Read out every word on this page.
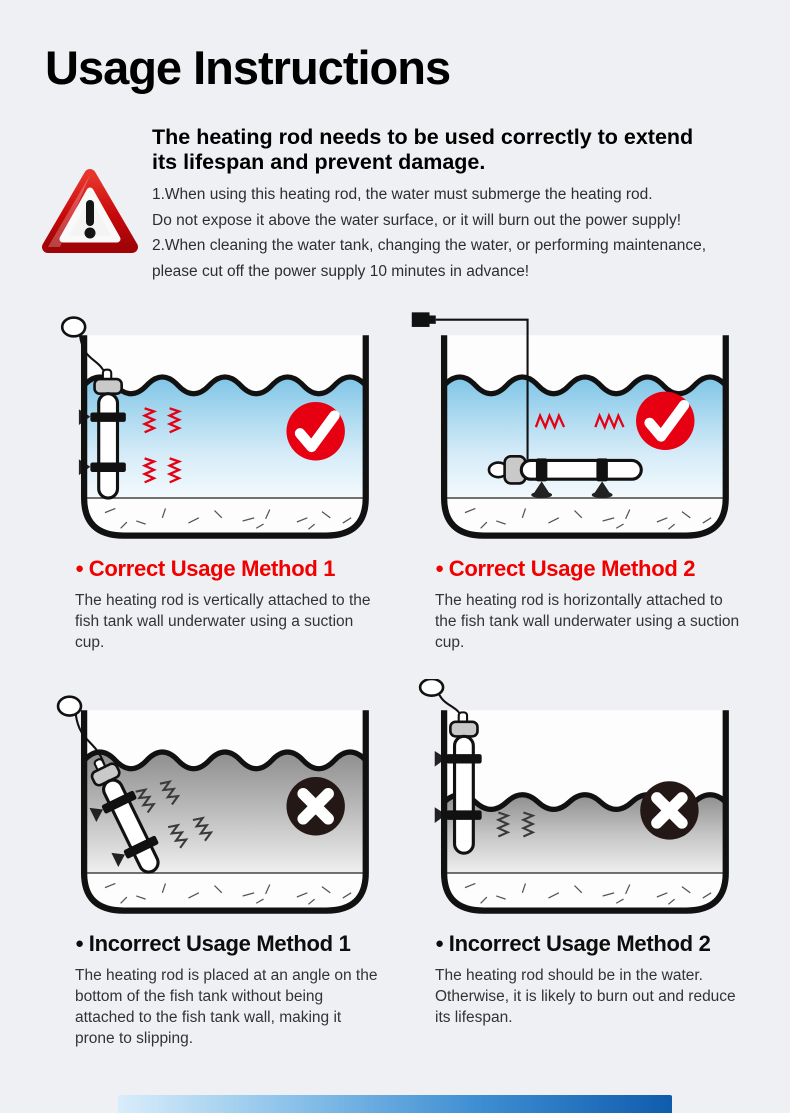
Usage Instructions
The heating rod needs to be used correctly to extend
its lifespan and prevent damage.
1.When using this heating rod, the water must submerge the heating rod.
Do not expose it above the water surface, or it will burn out the power supply!
2.When cleaning the water tank, changing the water, or performing maintenance,
please cut off the power supply 10 minutes in advance!
● Correct Usage Method 1

The heating rod is vertically attached to the fish tank wall underwater using a suction cup.

● Correct Usage Method 2

The heating rod is horizontally attached to the fish tank wall underwater using a suction cup.

● Incorrect Usage Method 1

The heating rod is placed at an angle on the bottom of the fish tank without being attached to the fish tank wall, making it prone to slipping.

● Incorrect Usage Method 2

The heating rod should be in the water. Otherwise, it is likely to burn out and reduce its lifespan.
